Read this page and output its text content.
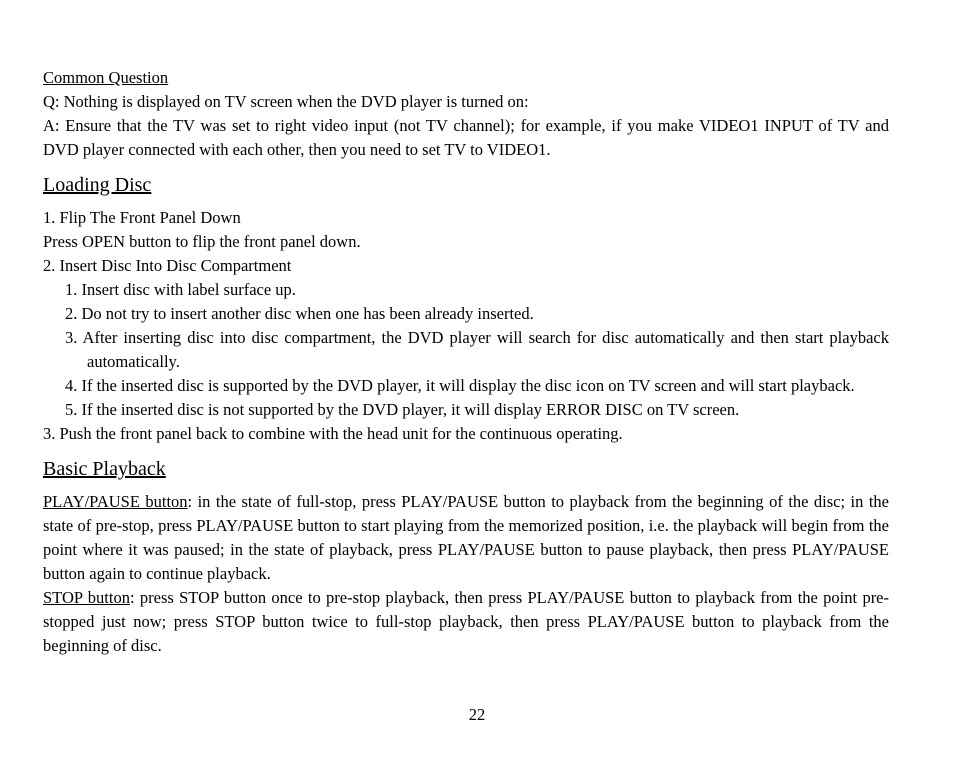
Common Question

Q: Nothing is displayed on TV screen when the DVD player is turned on:

A: Ensure that the TV was set to right video input (not TV channel); for example, if you make VIDEO1 INPUT of TV and DVD player connected with each other, then you need to set TV to VIDEO1.

Loading Disc

1. Flip The Front Panel Down

Press OPEN button to flip the front panel down.

2. Insert Disc Into Disc Compartment

1. Insert disc with label surface up.

2. Do not try to insert another disc when one has been already inserted.

3. After inserting disc into disc compartment, the DVD player will search for disc automatically and then start playback automatically.

4. If the inserted disc is supported by the DVD player, it will display the disc icon on TV screen and will start playback.

5. If the inserted disc is not supported by the DVD player, it will display ERROR DISC on TV screen.

3. Push the front panel back to combine with the head unit for the continuous operating.

Basic Playback

PLAY/PAUSE button: in the state of full-stop, press PLAY/PAUSE button to playback from the beginning of the disc; in the state of pre-stop, press PLAY/PAUSE button to start playing from the memorized position, i.e. the playback will begin from the point where it was paused; in the state of playback, press PLAY/PAUSE button to pause playback, then press PLAY/PAUSE button again to continue playback.

STOP button: press STOP button once to pre-stop playback, then press PLAY/PAUSE button to playback from the point pre-stopped just now; press STOP button twice to full-stop playback, then press PLAY/PAUSE button to playback from the beginning of disc.

22
